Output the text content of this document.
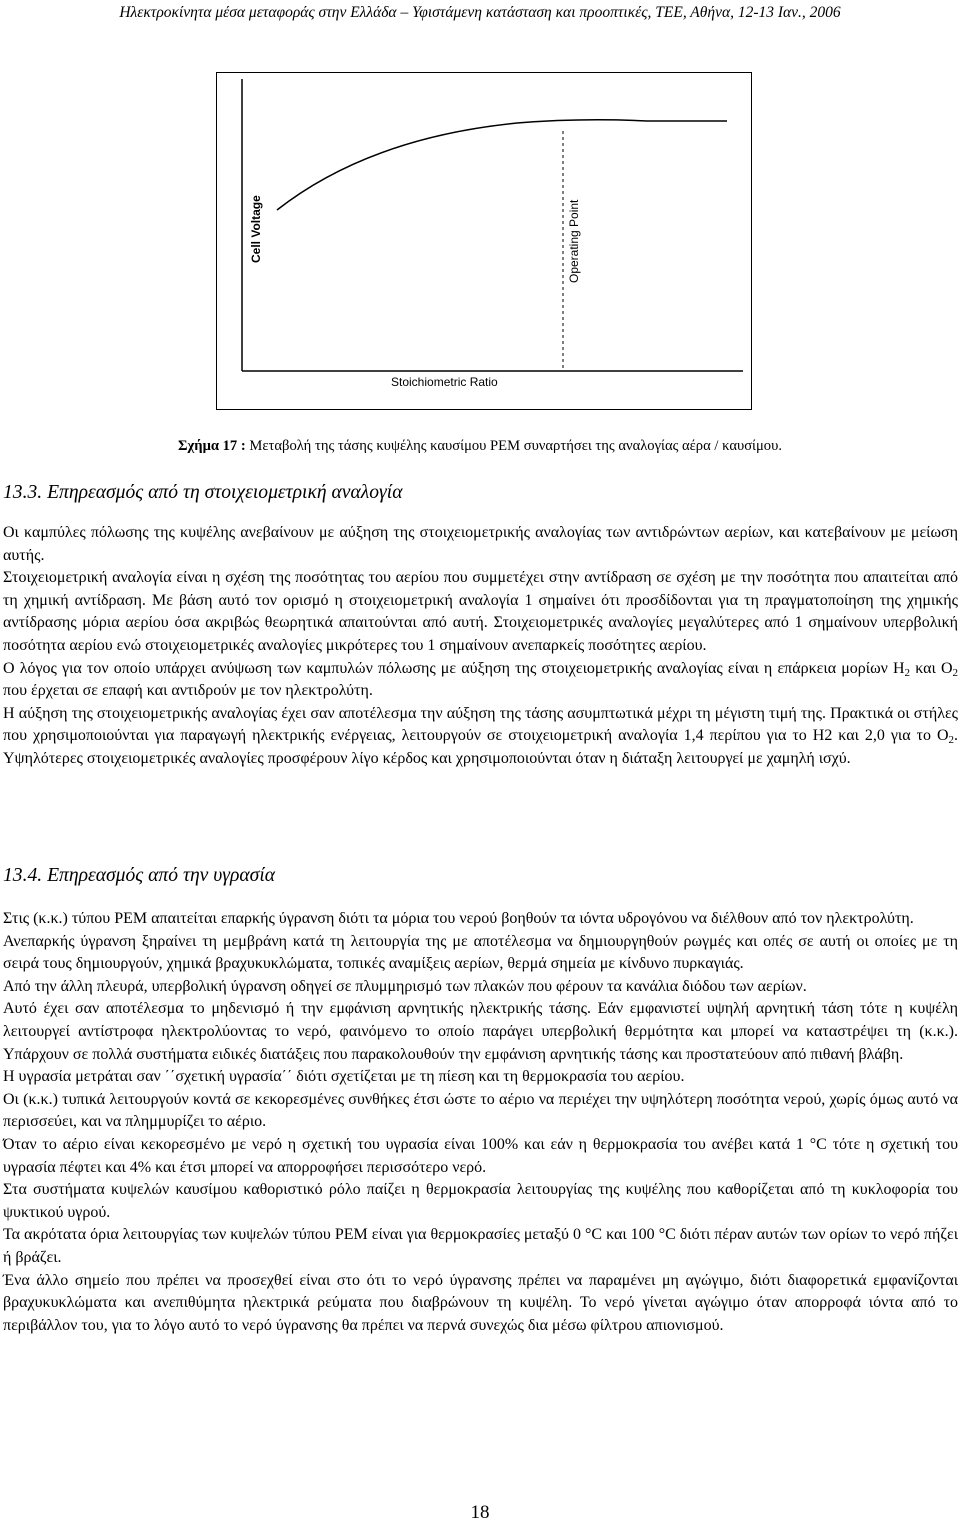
Ηλεκτροκίνητα μέσα μεταφοράς στην Ελλάδα – Υφιστάμενη κατάσταση και προοπτικές, ΤΕΕ, Αθήνα, 12-13 Ιαν., 2006
Cell Voltage	Operating Point
Stoichiometric Ratio
Σχήμα 17 : Μεταβολή της τάσης κυψέλης καυσίμου PEM συναρτήσει της αναλογίας αέρα / καυσίμου.
13.3. Επηρεασμός από τη στοιχειομετρική αναλογία

Οι καμπύλες πόλωσης της κυψέλης ανεβαίνουν με αύξηση της στοιχειομετρικής αναλογίας των αντιδρώντων αερίων, και κατεβαίνουν με μείωση αυτής.

Στοιχειομετρική αναλογία είναι η σχέση της ποσότητας του αερίου που συμμετέχει στην αντίδραση σε σχέση με την ποσότητα που απαιτείται από τη χημική αντίδραση. Με βάση αυτό τον ορισμό η στοιχειομετρική αναλογία 1 σημαίνει ότι προσδίδονται για τη πραγματοποίηση της χημικής αντίδρασης μόρια αερίου όσα ακριβώς θεωρητικά απαιτούνται από αυτή. Στοιχειομετρικές αναλογίες μεγαλύτερες από 1 σημαίνουν υπερβολική ποσότητα αερίου ενώ στοιχειομετρικές αναλογίες μικρότερες του 1 σημαίνουν ανεπαρκείς ποσότητες αερίου.

Ο λόγος για τον οποίο υπάρχει ανύψωση των καμπυλών πόλωσης με αύξηση της στοιχειομετρικής αναλογίας είναι η επάρκεια μορίων $H_2$ και $O_2$ που έρχεται σε επαφή και αντιδρούν με τον ηλεκτρολύτη.

Η αύξηση της στοιχειομετρικής αναλογίας έχει σαν αποτέλεσμα την αύξηση της τάσης ασυμπτωτικά μέχρι τη μέγιστη τιμή της. Πρακτικά οι στήλες που χρησιμοποιούνται για παραγωγή ηλεκτρικής ενέργειας, λειτουργούν σε στοιχειομετρική αναλογία 1,4 περίπου για το H2 και 2,0 για το $O_2$. Υψηλότερες στοιχειομετρικές αναλογίες προσφέρουν λίγο κέρδος και χρησιμοποιούνται όταν η διάταξη λειτουργεί με χαμηλή ισχύ.

13.4. Επηρεασμός από την υγρασία

Στις (κ.κ.) τύπου PEM απαιτείται επαρκής ύγρανση διότι τα μόρια του νερού βοηθούν τα ιόντα υδρογόνου να διέλθουν από τον ηλεκτρολύτη.

Ανεπαρκής ύγρανση ξηραίνει τη μεμβράνη κατά τη λειτουργία της με αποτέλεσμα να δημιουργηθούν ρωγμές και οπές σε αυτή οι οποίες με τη σειρά τους δημιουργούν, χημικά βραχυκυκλώματα, τοπικές αναμίξεις αερίων, θερμά σημεία με κίνδυνο πυρκαγιάς.

Από την άλλη πλευρά, υπερβολική ύγρανση οδηγεί σε πλυμμηρισμό των πλακών που φέρουν τα κανάλια διόδου των αερίων.

Αυτό έχει σαν αποτέλεσμα το μηδενισμό ή την εμφάνιση αρνητικής ηλεκτρικής τάσης. Εάν εμφανιστεί υψηλή αρνητική τάση τότε η κυψέλη λειτουργεί αντίστροφα ηλεκτρολύοντας το νερό, φαινόμενο το οποίο παράγει υπερβολική θερμότητα και μπορεί να καταστρέψει τη (κ.κ.). Υπάρχουν σε πολλά συστήματα ειδικές διατάξεις που παρακολουθούν την εμφάνιση αρνητικής τάσης και προστατεύουν από πιθανή βλάβη.

Η υγρασία μετράται σαν ΄΄σχετική υγρασία΄΄ διότι σχετίζεται με τη πίεση και τη θερμοκρασία του αερίου.

Οι (κ.κ.) τυπικά λειτουργούν κοντά σε κεκορεσμένες συνθήκες έτσι ώστε το αέριο να περιέχει την υψηλότερη ποσότητα νερού, χωρίς όμως αυτό να περισσεύει, και να πλημμυρίζει το αέριο.

Όταν το αέριο είναι κεκορεσμένο με νερό η σχετική του υγρασία είναι 100% και εάν η θερμοκρασία του ανέβει κατά 1 °C τότε η σχετική του υγρασία πέφτει και 4% και έτσι μπορεί να απορροφήσει περισσότερο νερό.

Στα συστήματα κυψελών καυσίμου καθοριστικό ρόλο παίζει η θερμοκρασία λειτουργίας της κυψέλης που καθορίζεται από τη κυκλοφορία του ψυκτικού υγρού.

Τα ακρότατα όρια λειτουργίας των κυψελών τύπου PEM είναι για θερμοκρασίες μεταξύ 0 °C και 100 °C διότι πέραν αυτών των ορίων το νερό πήζει ή βράζει.

Ένα άλλο σημείο που πρέπει να προσεχθεί είναι στο ότι το νερό ύγρανσης πρέπει να παραμένει μη αγώγιμο, διότι διαφορετικά εμφανίζονται βραχυκυκλώματα και ανεπιθύμητα ηλεκτρικά ρεύματα που διαβρώνουν τη κυψέλη. Το νερό γίνεται αγώγιμο όταν απορροφά ιόντα από το περιβάλλον του, για το λόγο αυτό το νερό ύγρανσης θα πρέπει να περνά συνεχώς δια μέσω φίλτρου απιονισμού.

18
